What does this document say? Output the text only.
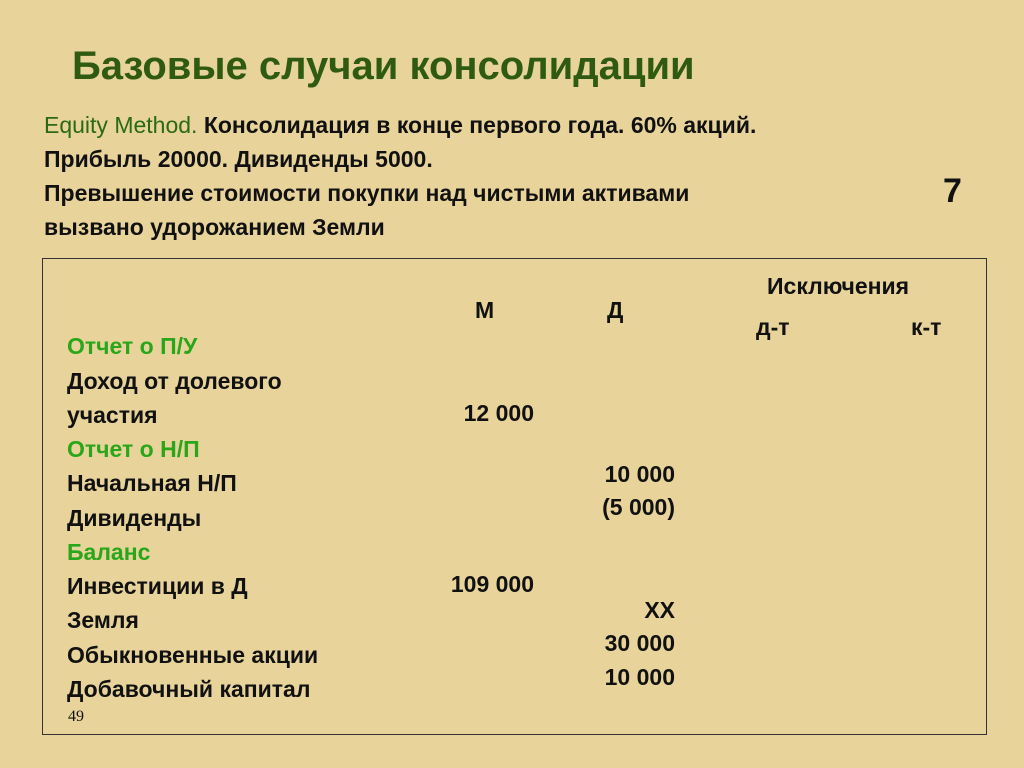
Базовые случаи консолидации
Equity Method. Консолидация в конце первого года. 60% акций.
Прибыль 20000. Дивиденды 5000.
Превышение стоимости покупки над чистыми активами
вызвано удорожанием Земли
7
М	Д
Исключения
д-т	к-т
Отчет о П/У
Доход от долевого
участия
Отчет о Н/П
Начальная Н/П
Дивиденды
Баланс
Инвестиции в Д
Земля
Обыкновенные акции
Добавочный капитал
12 000
109 000
10 000
(5 000)
XX
30 000
10 000
49
